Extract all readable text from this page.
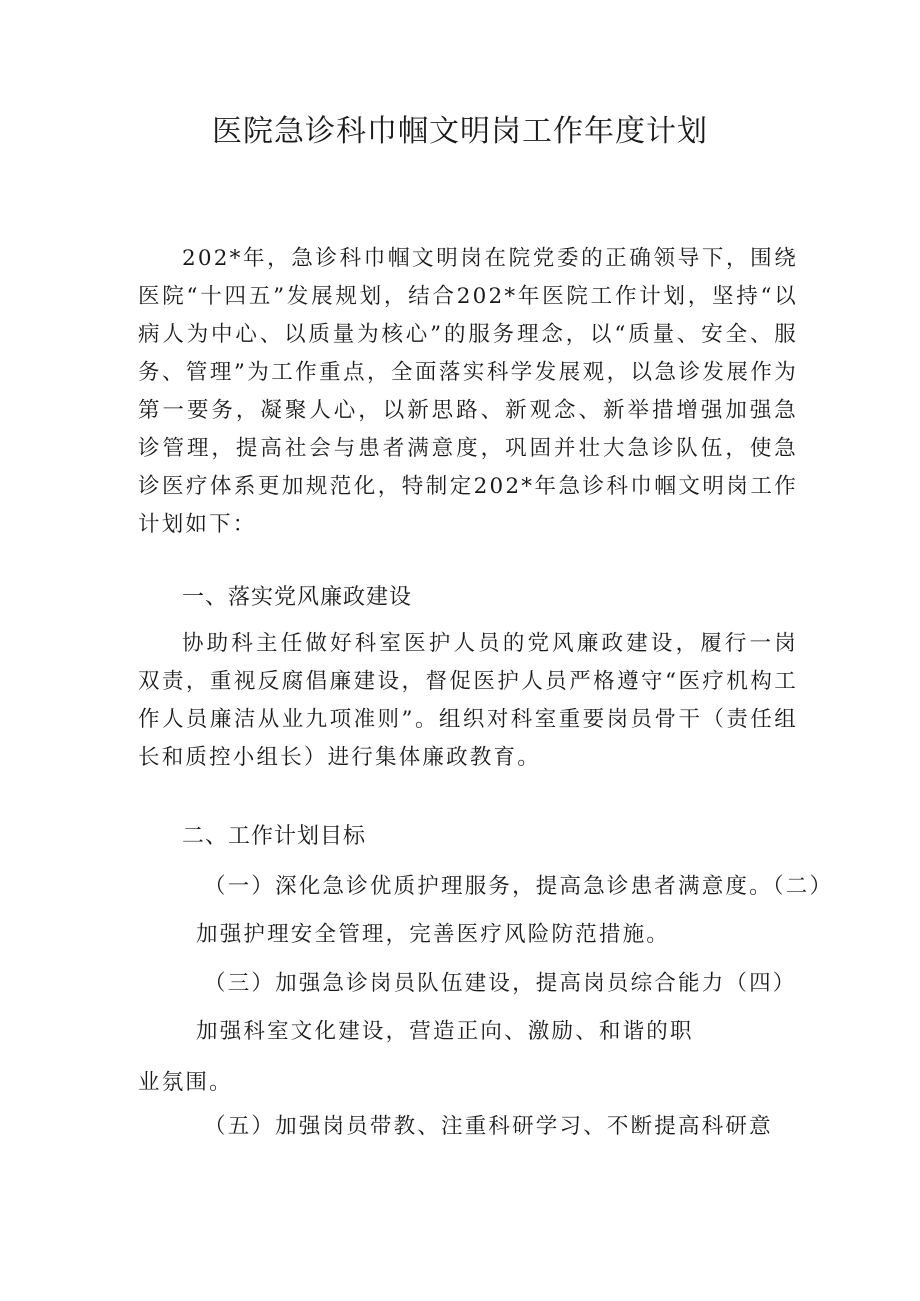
医院急诊科巾帼文明岗工作年度计划

202*年，急诊科巾帼文明岗在院党委的正确领导下，围绕医院“十四五”发展规划，结合202*年医院工作计划，坚持“以病人为中心、以质量为核心”的服务理念，以“质量、安全、服务、管理”为工作重点，全面落实科学发展观，以急诊发展作为第一要务，凝聚人心，以新思路、新观念、新举措增强加强急诊管理，提高社会与患者满意度，巩固并壮大急诊队伍，使急诊医疗体系更加规范化，特制定202*年急诊科巾帼文明岗工作计划如下：

一、落实党风廉政建设

协助科主任做好科室医护人员的党风廉政建设，履行一岗双责，重视反腐倡廉建设，督促医护人员严格遵守“医疗机构工作人员廉洁从业九项准则”。组织对科室重要岗员骨干（责任组长和质控小组长）进行集体廉政教育。

二、工作计划目标

（一）深化急诊优质护理服务，提高急诊患者满意度。（二）

加强护理安全管理，完善医疗风险防范措施。

（三）加强急诊岗员队伍建设，提高岗员综合能力（四）

加强科室文化建设，营造正向、激励、和谐的职

业氛围。

（五）加强岗员带教、注重科研学习、不断提高科研意
